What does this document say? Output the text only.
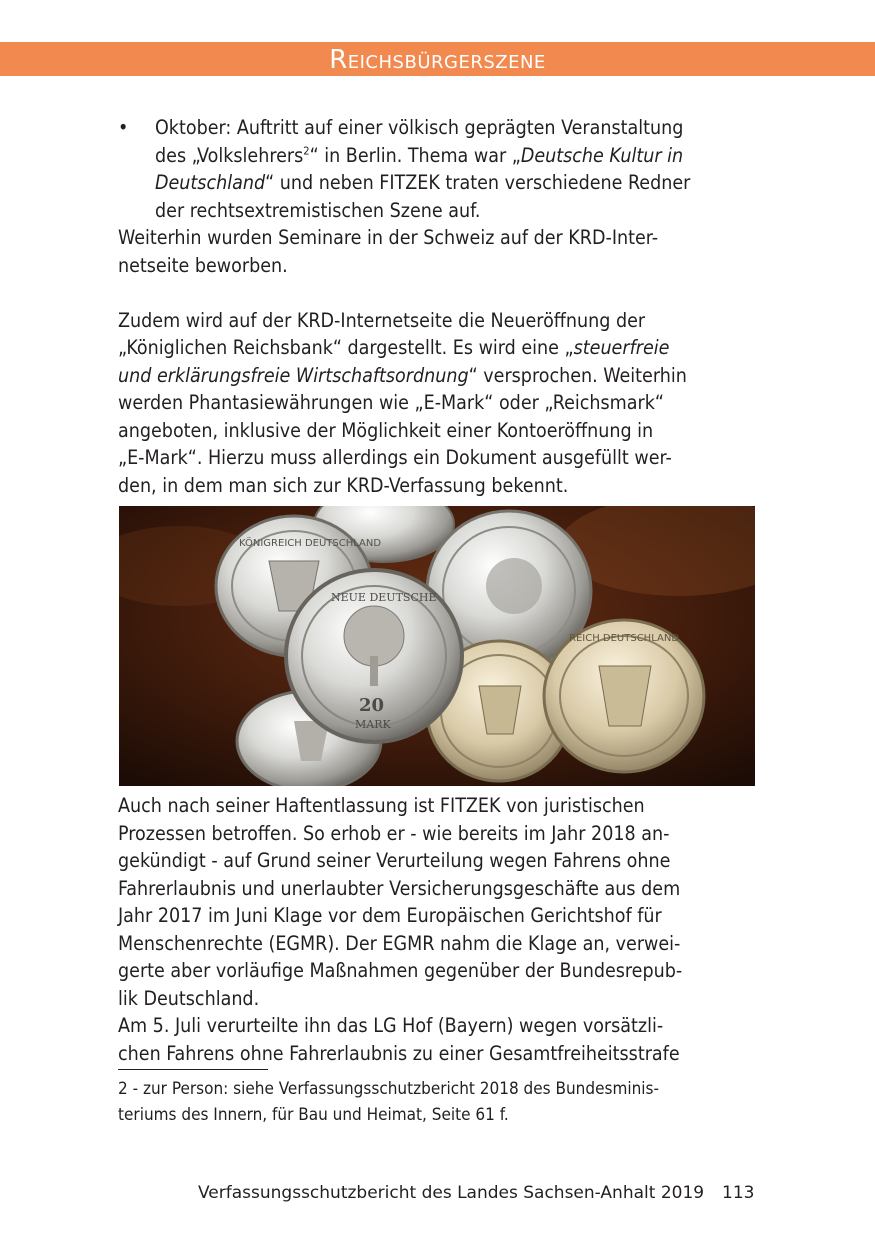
Reichsbürgerszene
•	Oktober: Auftritt auf einer völkisch geprägten Veranstaltung
des „Volkslehrers$^2$“ in Berlin. Thema war „Deutsche Kultur in
Deutschland“ und neben FITZEK traten verschiedene Redner
der rechtsextremistischen Szene auf.
Weiterhin wurden Seminare in der Schweiz auf der KRD-Inter-
netseite beworben.
Zudem wird auf der KRD-Internetseite die Neueröffnung der
„Königlichen Reichsbank“ dargestellt. Es wird eine „steuerfreie
und erklärungsfreie Wirtschaftsordnung“ versprochen. Weiterhin
werden Phantasiewährungen wie „E-Mark“ oder „Reichsmark“
angeboten, inklusive der Möglichkeit einer Kontoeröffnung in
„E-Mark“. Hierzu muss allerdings ein Dokument ausgefüllt wer-
den, in dem man sich zur KRD-Verfassung bekennt.
KÖNIGREICH DEUTSCHLAND
REICH DEUTSCHLAND
NEUE DEUTSCHE
20
MARK
Auch nach seiner Haftentlassung ist FITZEK von juristischen
Prozessen betroffen. So erhob er - wie bereits im Jahr 2018 an-
gekündigt - auf Grund seiner Verurteilung wegen Fahrens ohne
Fahrerlaubnis und unerlaubter Versicherungsgeschäfte aus dem
Jahr 2017 im Juni Klage vor dem Europäischen Gerichtshof für
Menschenrechte (EGMR). Der EGMR nahm die Klage an, verwei-
gerte aber vorläufige Maßnahmen gegenüber der Bundesrepub-
lik Deutschland.
Am 5. Juli verurteilte ihn das LG Hof (Bayern) wegen vorsätzli-
chen Fahrens ohne Fahrerlaubnis zu einer Gesamtfreiheitsstrafe
2 - zur Person: siehe Verfassungsschutzbericht 2018 des Bundesminis-
teriums des Innern, für Bau und Heimat, Seite 61 f.
Verfassungsschutzbericht des Landes Sachsen-Anhalt 2019 113
